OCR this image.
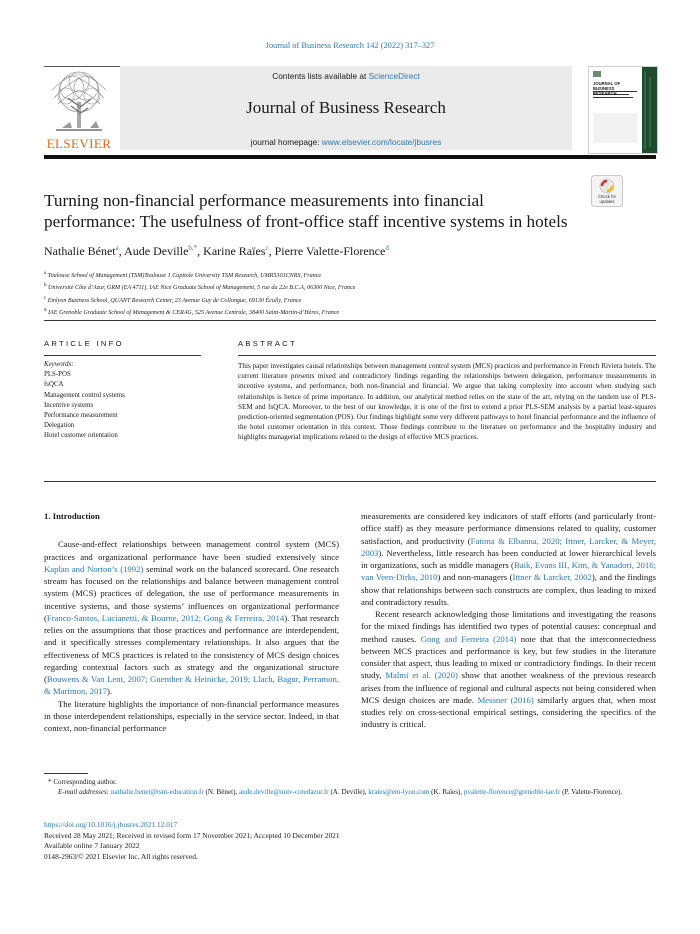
Journal of Business Research 142 (2022) 317–327
Contents lists available at ScienceDirect
Journal of Business Research
journal homepage: www.elsevier.com/locate/jbusres
ELSEVIER
JOURNAL OF BUSINESS RESEARCH
Turning non-financial performance measurements into financial
performance: The usefulness of front-office staff incentive systems in hotels
Check for updates
Nathalie Bénet$^a$, Aude Deville$^{b,*}$, Karine Raïes$^c$, Pierre Valette-Florence$^d$
$^a$ Toulouse School of Management (TSM)Toulouse 1 Capitole University TSM Research, UMR5303CNRS, France
$^b$ Université Côte d’Azur, GRM (EA 4711), IAE Nice Graduate School of Management, 5 rue du 22e B.C.A, 06300 Nice, France
$^c$ Emlyon Business School, QUANT Research Center, 23 Avenue Guy de Collongue, 69130 Écully, France
$^d$ IAE Grenoble Graduate School of Management & CERAG, 525 Avenue Centrale, 38400 Saint-Martin-d’Hères, France
ARTICLE INFO	ABSTRACT
Keywords:
PLS-POS
fsQCA
Management control systems
Incentive systems
Performance measurement
Delegation
Hotel customer orientation
This paper investigates causal relationships between management control system (MCS) practices and performance in French Riviera hotels. The current literature presents mixed and contradictory findings regarding the relationships between delegation, performance measurements in incentive systems, and performance, both non-financial and financial. We argue that taking complexity into account when studying such relationships is hence of prime importance. In addition, our analytical method relies on the state of the art, relying on the tandem use of PLS-SEM and fsQCA. Moreover, to the best of our knowledge, it is one of the first to extend a prior PLS-SEM analysis by a partial least-squares prediction-oriented segmentation (POS). Our findings highlight some very different pathways to hotel financial performance and the influence of the hotel customer orientation in this context. Those findings contribute to the literature on performance and the hospitality industry and highlights managerial implications related to the design of effective MCS practices.

1. Introduction

Cause-and-effect relationships between management control system (MCS) practices and organizational performance have been studied extensively since Kaplan and Norton’s (1992) seminal work on the balanced scorecard. One research stream has focused on the relationships and balance between management control system (MCS) practices of delegation, the use of performance measurements in incentive systems, and those systems’ influences on organizational performance (Franco-Santos, Lucianetti, & Bourne, 2012; Gong & Ferreira, 2014). That research relies on the assumptions that those practices and performance are interdependent, and it specifically stresses complementary relationships. It also argues that the effectiveness of MCS practices is related to the consistency of MCS design choices regarding contextual factors such as strategy and the organizational structure (Bouwens & Van Lent, 2007; Guenther & Heinicke, 2019; Llach, Bagur, Perramon, & Marimon, 2017).

The literature highlights the importance of non-financial performance measures in those interdependent relationships, especially in the service sector. Indeed, in that context, non-financial performance

measurements are considered key indicators of staff efforts (and particularly front-office staff) as they measure performance dimensions related to quality, customer satisfaction, and productivity (Fatima & Elbanna, 2020; Ittner, Larcker, & Meyer, 2003). Nevertheless, little research has been conducted at lower hierarchical levels in organizations, such as middle managers (Baik, Evans III, Kim, & Yanadori, 2016; van Veen-Dirks, 2010) and non-managers (Ittner & Larcker, 2002), and the findings show that relationships between such constructs are complex, thus leading to mixed and contradictory results.

Recent research acknowledging those limitations and investigating the reasons for the mixed findings has identified two types of potential causes: conceptual and method causes. Gong and Ferreira (2014) note that that the interconnectedness between MCS practices and performance is key, but few studies in the literature consider that aspect, thus leading to mixed or contradictory findings. In their recent study, Malmi et al. (2020) show that another weakness of the previous research arises from the influence of regional and cultural aspects not being considered when MCS design choices are made. Messner (2016) similarly argues that, when most studies rely on cross-sectional empirical settings, considering the specifics of the industry is critical.

* Corresponding author.
E-mail addresses: nathalie.benet@tsm-education.fr (N. Bénet), aude.deville@univ-cotedazur.fr (A. Deville), kraies@em-lyon.com (K. Raïes), pvalette-florence@grenoble-iae.fr (P. Valette-Florence).
https://doi.org/10.1016/j.jbusres.2021.12.017
Received 28 May 2021; Received in revised form 17 November 2021; Accepted 10 December 2021
Available online 7 January 2022
0148-2963/© 2021 Elsevier Inc. All rights reserved.
